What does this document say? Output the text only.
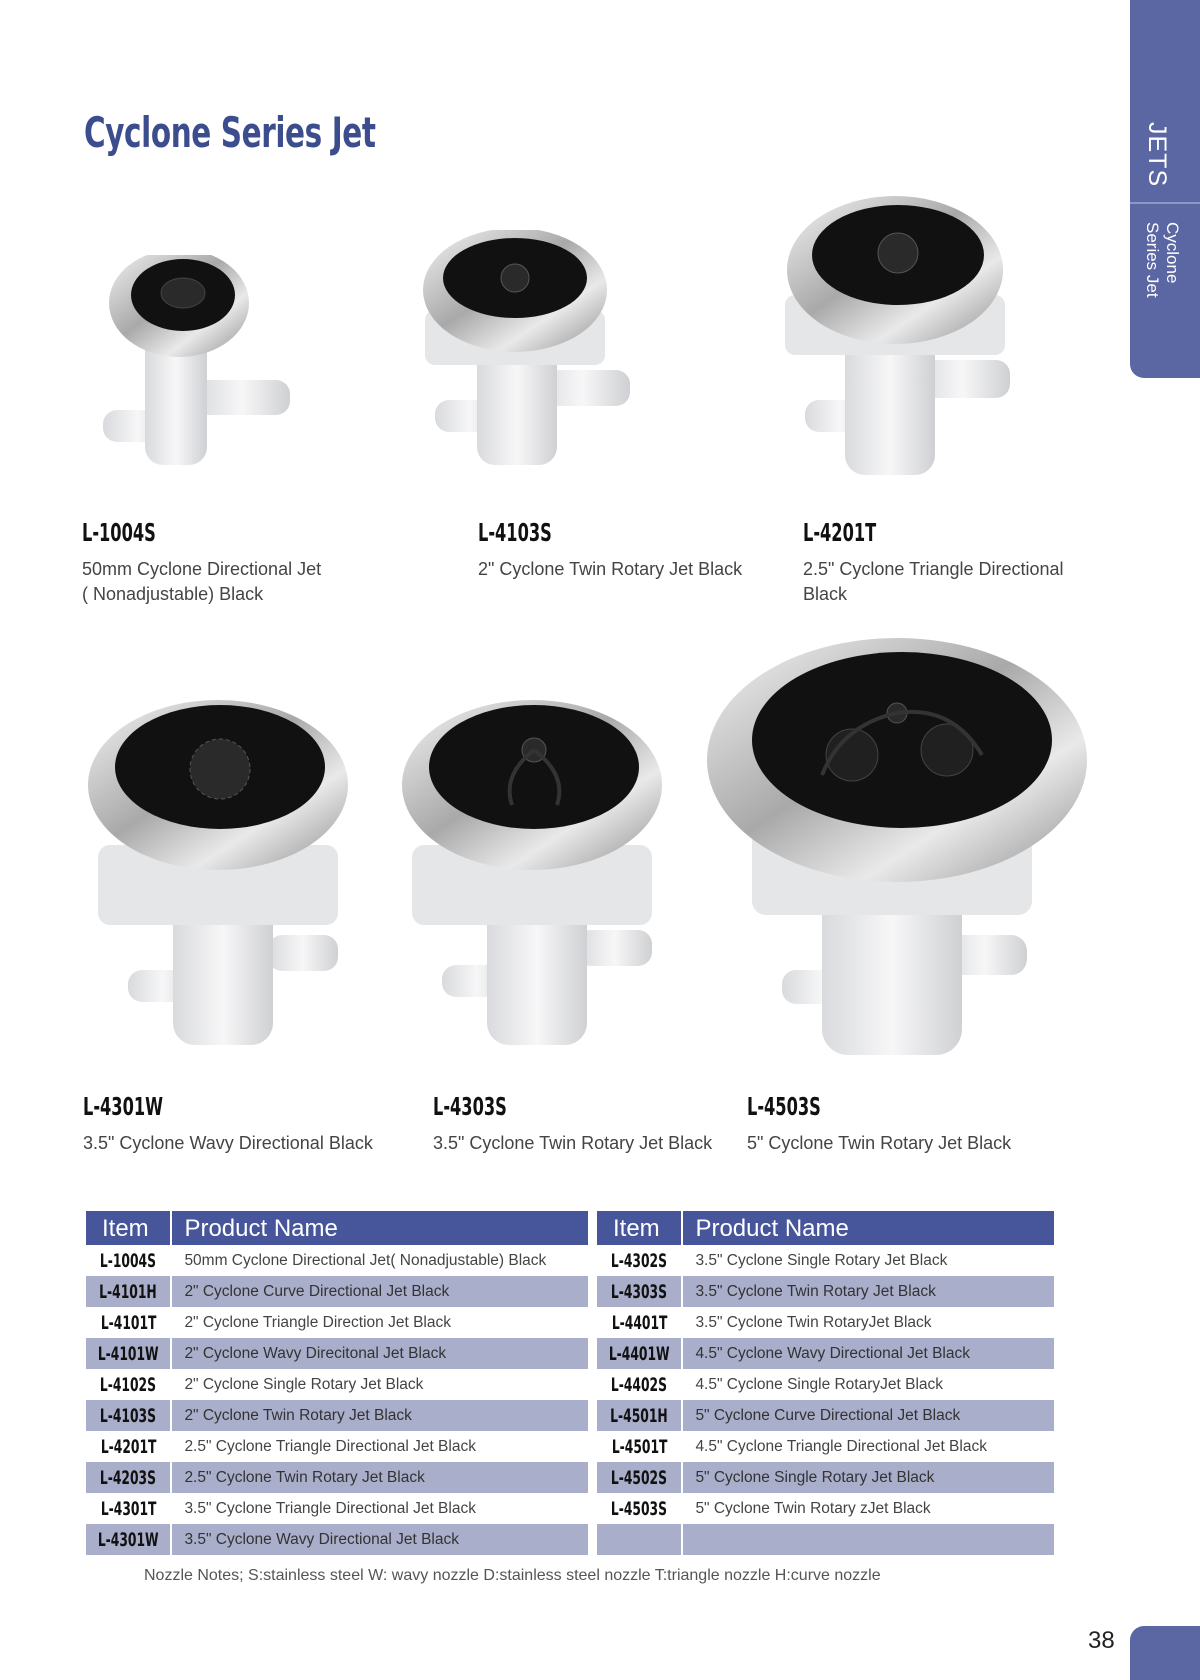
JETS
Cyclone
Series Jet
Cyclone Series Jet
L-1004S
50mm Cyclone Directional Jet
( Nonadjustable) Black
L-4103S
2" Cyclone Twin Rotary Jet Black
L-4201T
2.5" Cyclone Triangle Directional
Black
L-4301W
3.5" Cyclone Wavy Directional Black
L-4303S
3.5" Cyclone Twin Rotary Jet Black
L-4503S
5" Cyclone Twin Rotary Jet Black
Item	Product Name
L-1004S	50mm Cyclone Directional Jet( Nonadjustable) Black
L-4101H	2" Cyclone Curve Directional Jet Black
L-4101T	2" Cyclone Triangle Direction Jet Black
L-4101W	2" Cyclone Wavy Direcitonal Jet Black
L-4102S	2" Cyclone Single Rotary Jet Black
L-4103S	2" Cyclone Twin Rotary Jet Black
L-4201T	2.5" Cyclone Triangle Directional Jet Black
L-4203S	2.5" Cyclone Twin Rotary Jet Black
L-4301T	3.5" Cyclone Triangle Directional Jet Black
L-4301W	3.5" Cyclone Wavy Directional Jet Black
Item	Product Name
L-4302S	3.5" Cyclone Single Rotary Jet Black
L-4303S	3.5" Cyclone Twin Rotary Jet Black
L-4401T	3.5" Cyclone Twin RotaryJet Black
L-4401W	4.5" Cyclone Wavy Directional Jet Black
L-4402S	4.5" Cyclone Single RotaryJet Black
L-4501H	5" Cyclone Curve Directional Jet Black
L-4501T	4.5" Cyclone Triangle Directional Jet Black
L-4502S	5" Cyclone Single Rotary Jet Black
L-4503S	5" Cyclone Twin Rotary zJet Black

Nozzle Notes; S:stainless steel W: wavy nozzle D:stainless steel nozzle T:triangle nozzle H:curve nozzle
38
